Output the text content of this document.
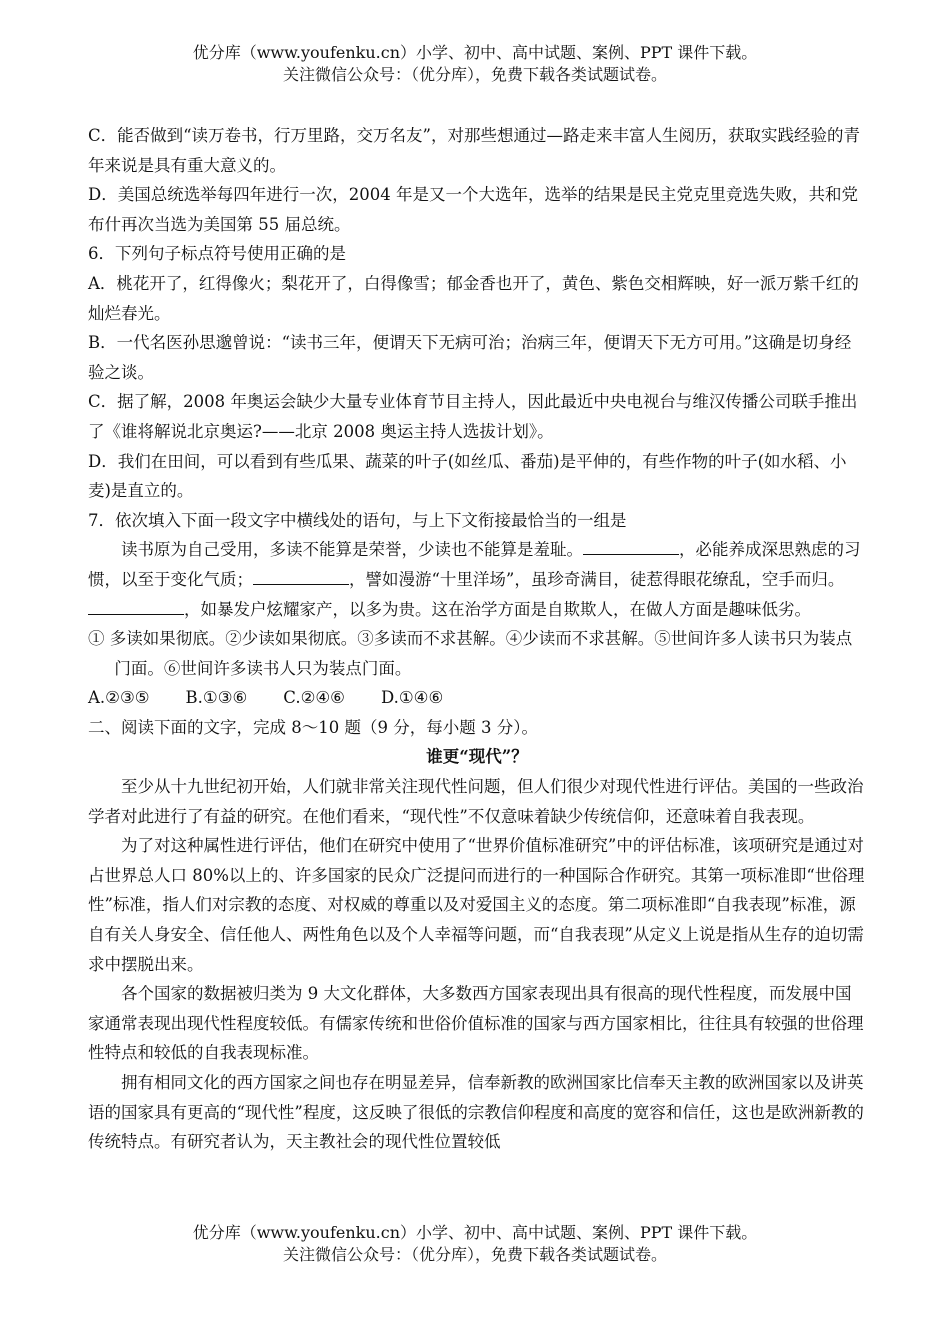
优分库（www.youfenku.cn）小学、初中、高中试题、案例、PPT 课件下载。
关注微信公众号：（优分库），免费下载各类试题试卷。

C．能否做到“读万卷书，行万里路，交万名友”，对那些想通过—路走来丰富人生阅历，获取实践经验的青年来说是具有重大意义的。

D．美国总统选举每四年进行一次，2004 年是又一个大选年，选举的结果是民主党克里竞选失败，共和党布什再次当选为美国第 55 届总统。

6．下列句子标点符号使用正确的是

A．桃花开了，红得像火；梨花开了，白得像雪；郁金香也开了，黄色、紫色交相辉映，好一派万紫千红的灿烂春光。

B．一代名医孙思邈曾说：“读书三年，便谓天下无病可治；治病三年，便谓天下无方可用。”这确是切身经验之谈。

C．据了解，2008 年奥运会缺少大量专业体育节目主持人，因此最近中央电视台与维汉传播公司联手推出了《谁将解说北京奥运?——北京 2008 奥运主持人选拔计划》。

D．我们在田间，可以看到有些瓜果、蔬菜的叶子(如丝瓜、番茄)是平伸的，有些作物的叶子(如水稻、小麦)是直立的。

7．依次填入下面一段文字中横线处的语句，与上下文衔接最恰当的一组是

读书原为自己受用，多读不能算是荣誉，少读也不能算是羞耻。	，必能养成深思熟虑的习惯，以至于变化气质；	，譬如漫游“十里洋场”，虽珍奇满目，徒惹得眼花缭乱，空手而归。，如暴发户炫耀家产，以多为贵。这在治学方面是自欺欺人，在做人方面是趣味低劣。

① 多读如果彻底。②少读如果彻底。③多读而不求甚解。④少读而不求甚解。⑤世间许多人读书只为装点门面。⑥世间许多读书人只为装点门面。

A.②③⑤ B.①③⑥ C.②④⑥ D.①④⑥

二、阅读下面的文字，完成 8～10 题（9 分，每小题 3 分）。

谁更“现代”？

至少从十九世纪初开始，人们就非常关注现代性问题，但人们很少对现代性进行评估。美国的一些政治学者对此进行了有益的研究。在他们看来，“现代性”不仅意味着缺少传统信仰，还意味着自我表现。

为了对这种属性进行评估，他们在研究中使用了“世界价值标准研究”中的评估标准，该项研究是通过对占世界总人口 80%以上的、许多国家的民众广泛提问而进行的一种国际合作研究。其第一项标准即“世俗理性”标准，指人们对宗教的态度、对权威的尊重以及对爱国主义的态度。第二项标准即“自我表现”标准，源自有关人身安全、信任他人、两性角色以及个人幸福等问题，而“自我表现”从定义上说是指从生存的迫切需求中摆脱出来。

各个国家的数据被归类为 9 大文化群体，大多数西方国家表现出具有很高的现代性程度，而发展中国家通常表现出现代性程度较低。有儒家传统和世俗价值标准的国家与西方国家相比，往往具有较强的世俗理性特点和较低的自我表现标准。

拥有相同文化的西方国家之间也存在明显差异，信奉新教的欧洲国家比信奉天主教的欧洲国家以及讲英语的国家具有更高的“现代性”程度，这反映了很低的宗教信仰程度和高度的宽容和信任，这也是欧洲新教的传统特点。有研究者认为，天主教社会的现代性位置较低

优分库（www.youfenku.cn）小学、初中、高中试题、案例、PPT 课件下载。
关注微信公众号：（优分库），免费下载各类试题试卷。
